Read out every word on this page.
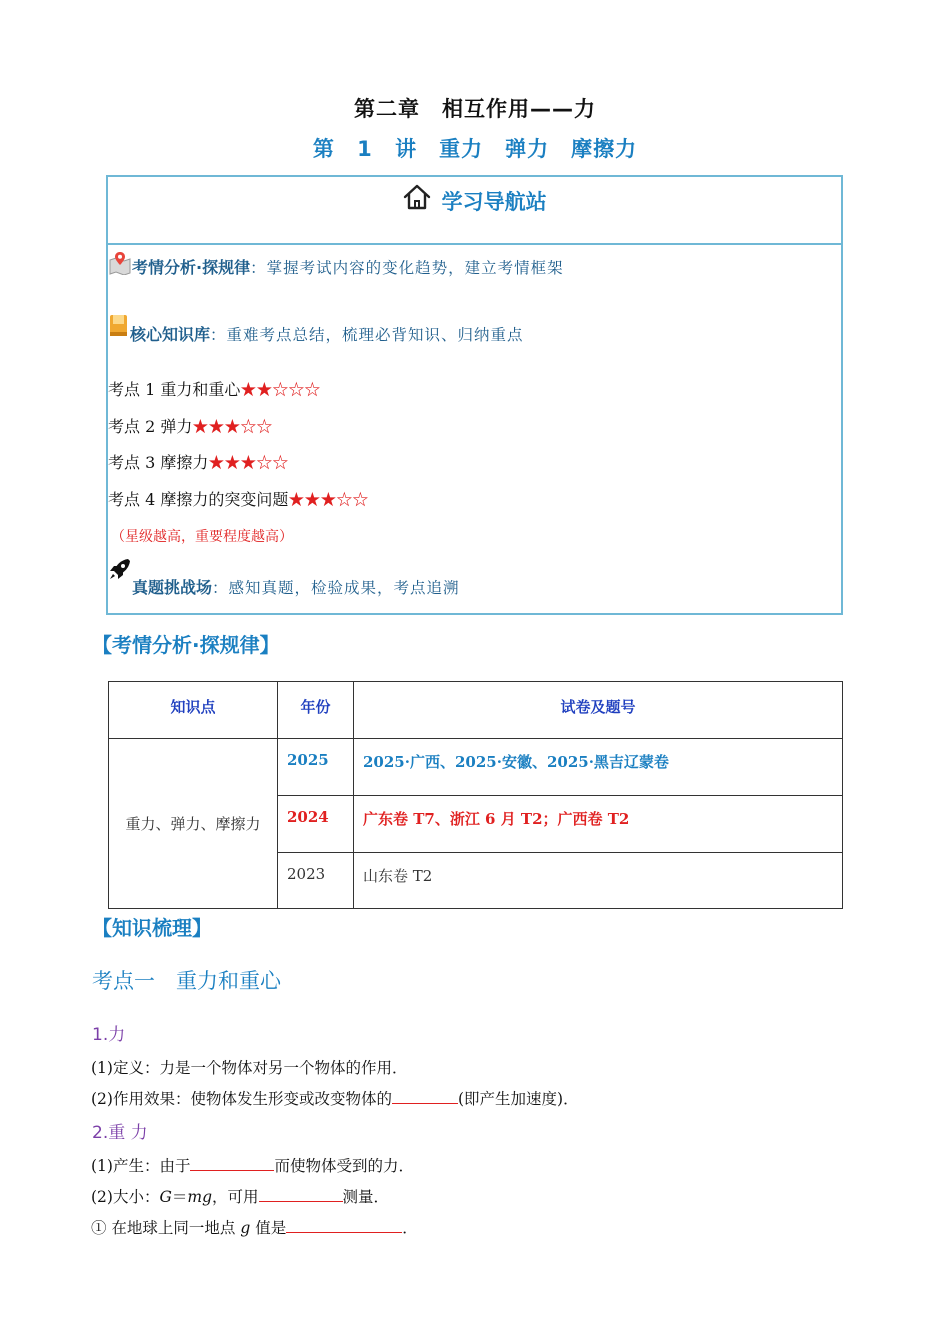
第二章　相互作用——力
第 1 讲　重力　弹力　摩擦力
学习导航站
考情分析·探规律：掌握考试内容的变化趋势，建立考情框架
核心知识库：重难考点总结，梳理必背知识、归纳重点
考点 1 重力和重心★★☆☆☆
考点 2 弹力★★★☆☆
考点 3 摩擦力★★★☆☆
考点 4 摩擦力的突变问题★★★☆☆
（星级越高，重要程度越高）
真题挑战场：感知真题，检验成果，考点追溯
【考情分析·探规律】
知识点	年份	试卷及题号

重力、弹力、摩擦力	2025	2025·广西、2025·安徽、2025·黑吉辽蒙卷
	2024	广东卷 T7、浙江 6 月 T2；广西卷 T2
	2023	山东卷 T2
【知识梳理】
考点一　重力和重心
1.力
(1)定义：力是一个物体对另一个物体的作用．
(2)作用效果：使物体发生形变或改变物体的	(即产生加速度)．
2.重 力
(1)产生：由于	而使物体受到的力．
(2)大小：G＝mg，可用	测量．
① 在地球上同一地点 g 值是	．
